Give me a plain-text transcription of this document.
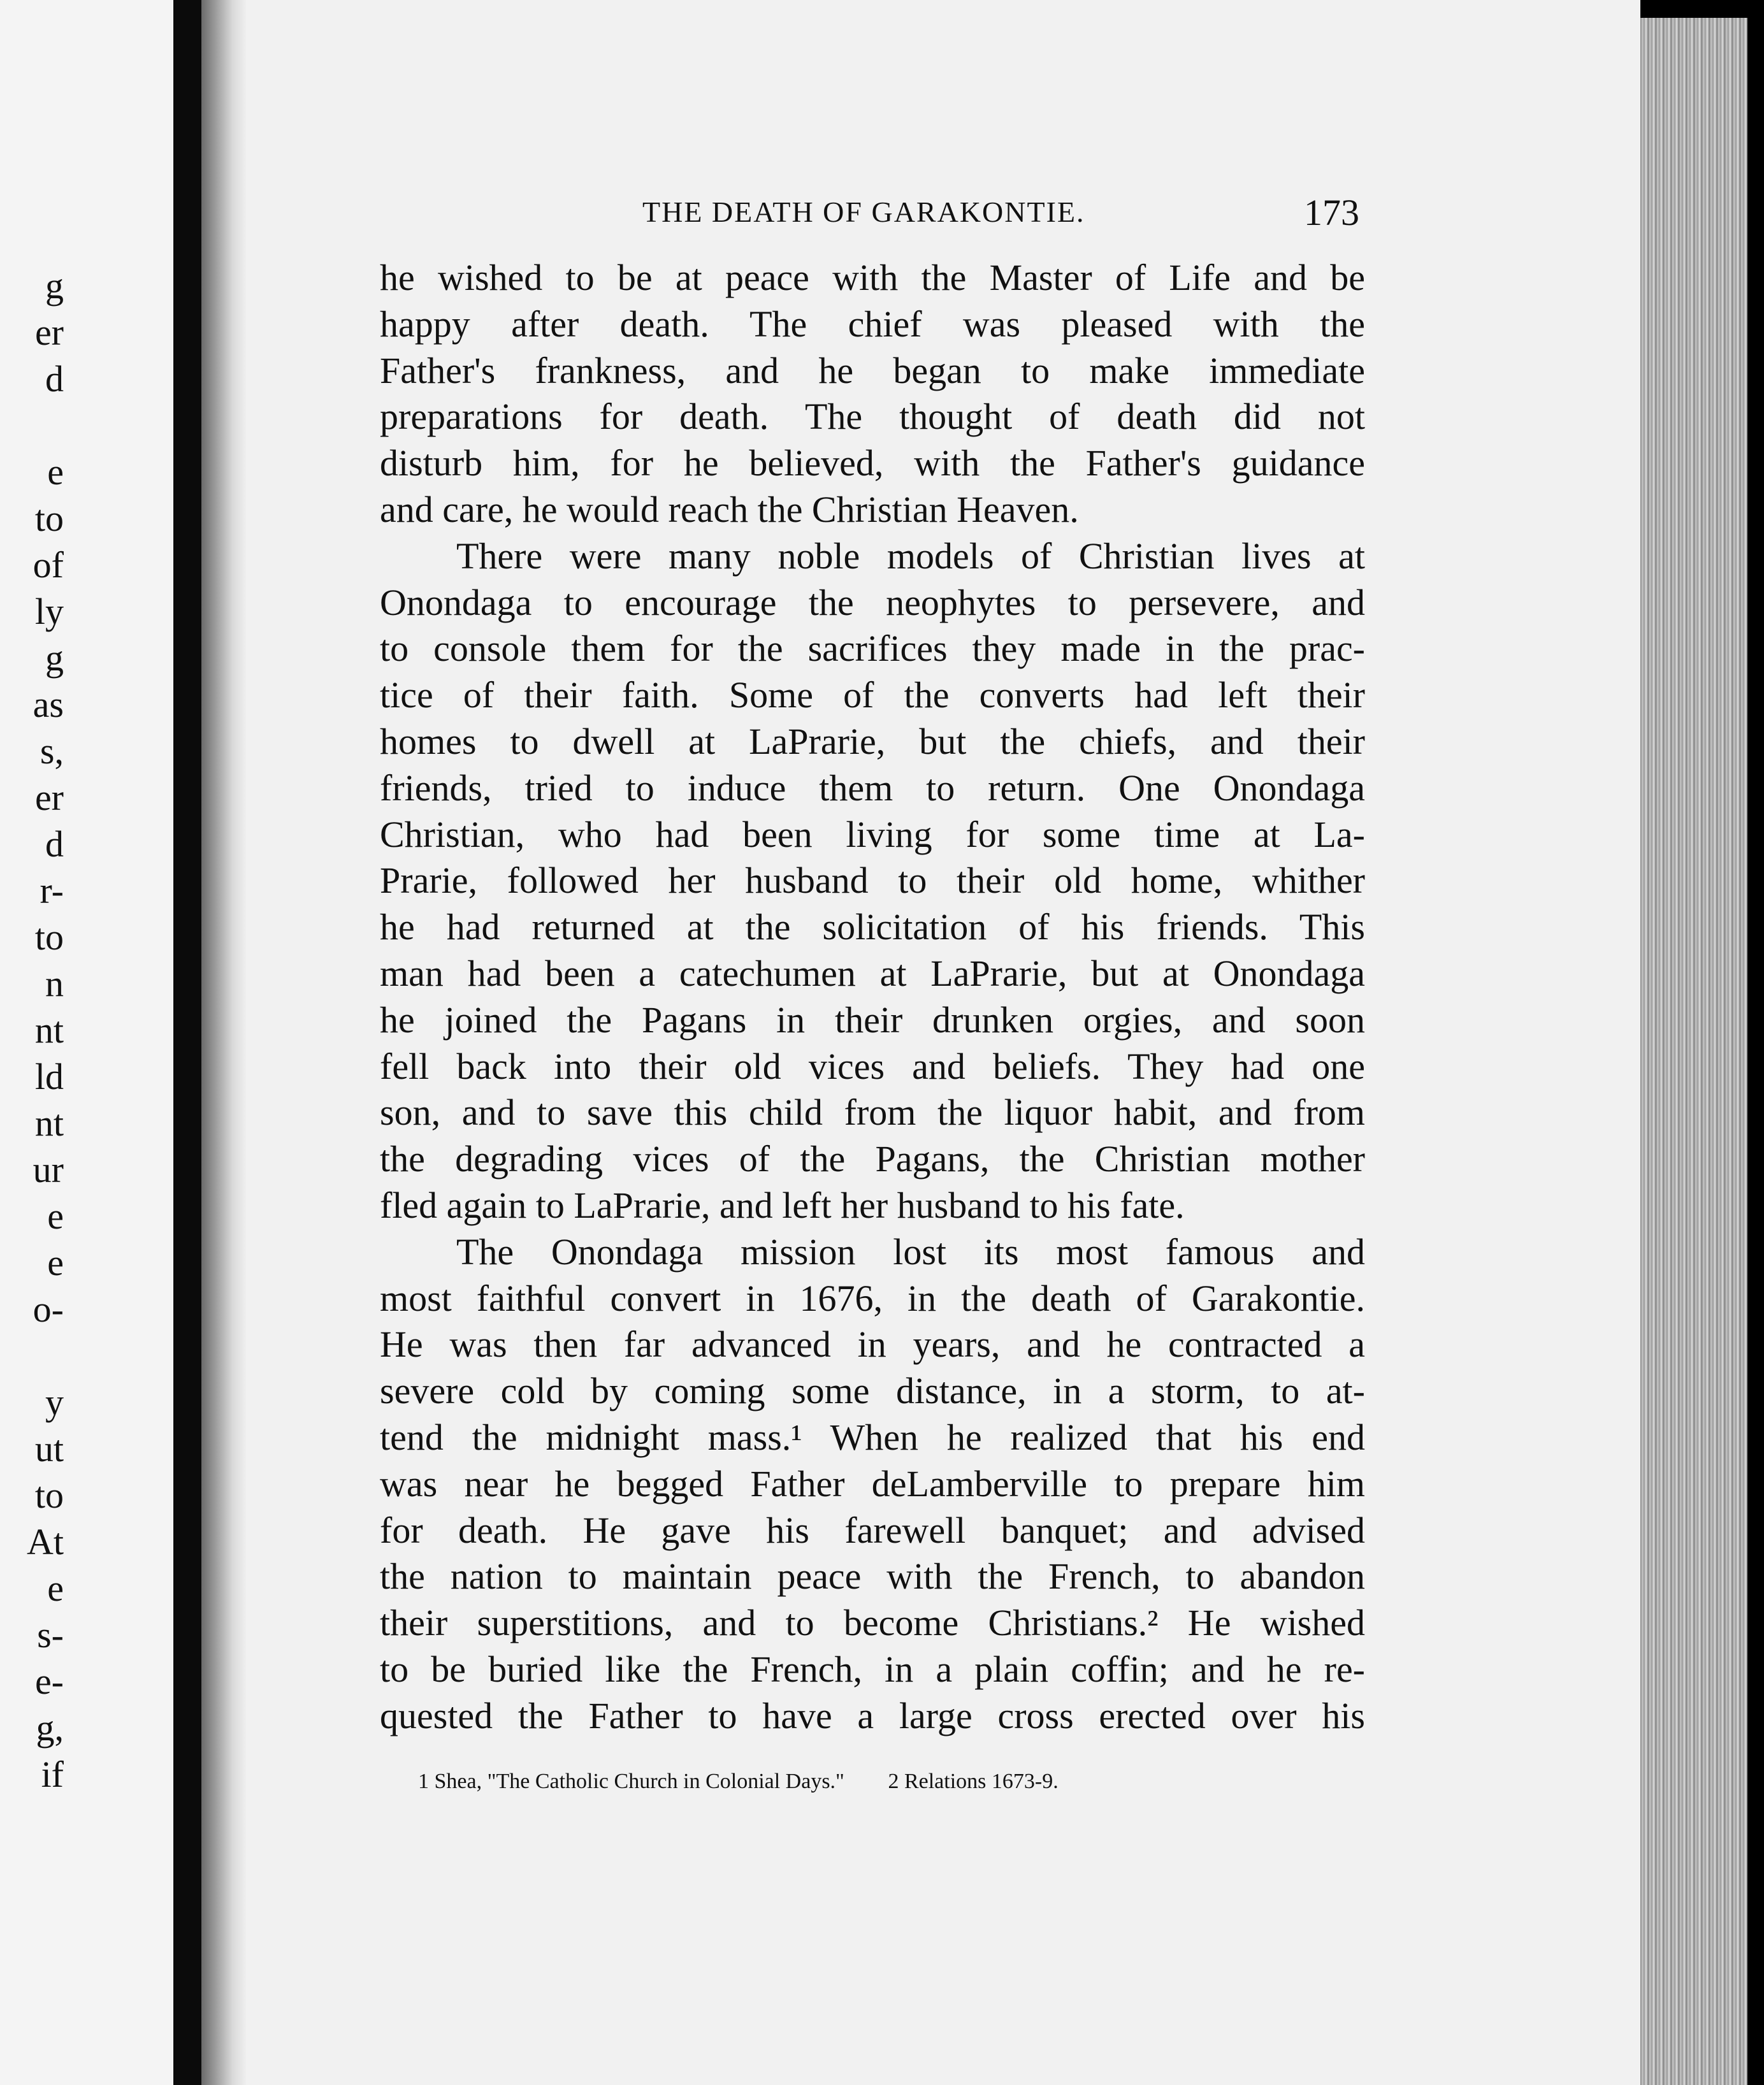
g
er
d
e
to
of
ly
g
as
s,
er
d
r-
to
n
nt
ld
nt
ur
e
e
o-
y
ut
to
At
e
s-
e-
g,
if
THE DEATH OF GARAKONTIE.	173
he wished to be at peace with the Master of Life and be
happy after death. The chief was pleased with the
Father's frankness, and he began to make immediate
preparations for death. The thought of death did not
disturb him, for he believed, with the Father's guidance
and care, he would reach the Christian Heaven.
There were many noble models of Christian lives at
Onondaga to encourage the neophytes to persevere, and
to console them for the sacrifices they made in the prac-
tice of their faith. Some of the converts had left their
homes to dwell at LaPrarie, but the chiefs, and their
friends, tried to induce them to return. One Onondaga
Christian, who had been living for some time at La-
Prarie, followed her husband to their old home, whither
he had returned at the solicitation of his friends. This
man had been a catechumen at LaPrarie, but at Onondaga
he joined the Pagans in their drunken orgies, and soon
fell back into their old vices and beliefs. They had one
son, and to save this child from the liquor habit, and from
the degrading vices of the Pagans, the Christian mother
fled again to LaPrarie, and left her husband to his fate.
The Onondaga mission lost its most famous and
most faithful convert in 1676, in the death of Garakontie.
He was then far advanced in years, and he contracted a
severe cold by coming some distance, in a storm, to at-
tend the midnight mass.¹ When he realized that his end
was near he begged Father deLamberville to prepare him
for death. He gave his farewell banquet; and advised
the nation to maintain peace with the French, to abandon
their superstitions, and to become Christians.² He wished
to be buried like the French, in a plain coffin; and he re-
quested the Father to have a large cross erected over his
1 Shea, "The Catholic Church in Colonial Days." 2 Relations 1673-9.
